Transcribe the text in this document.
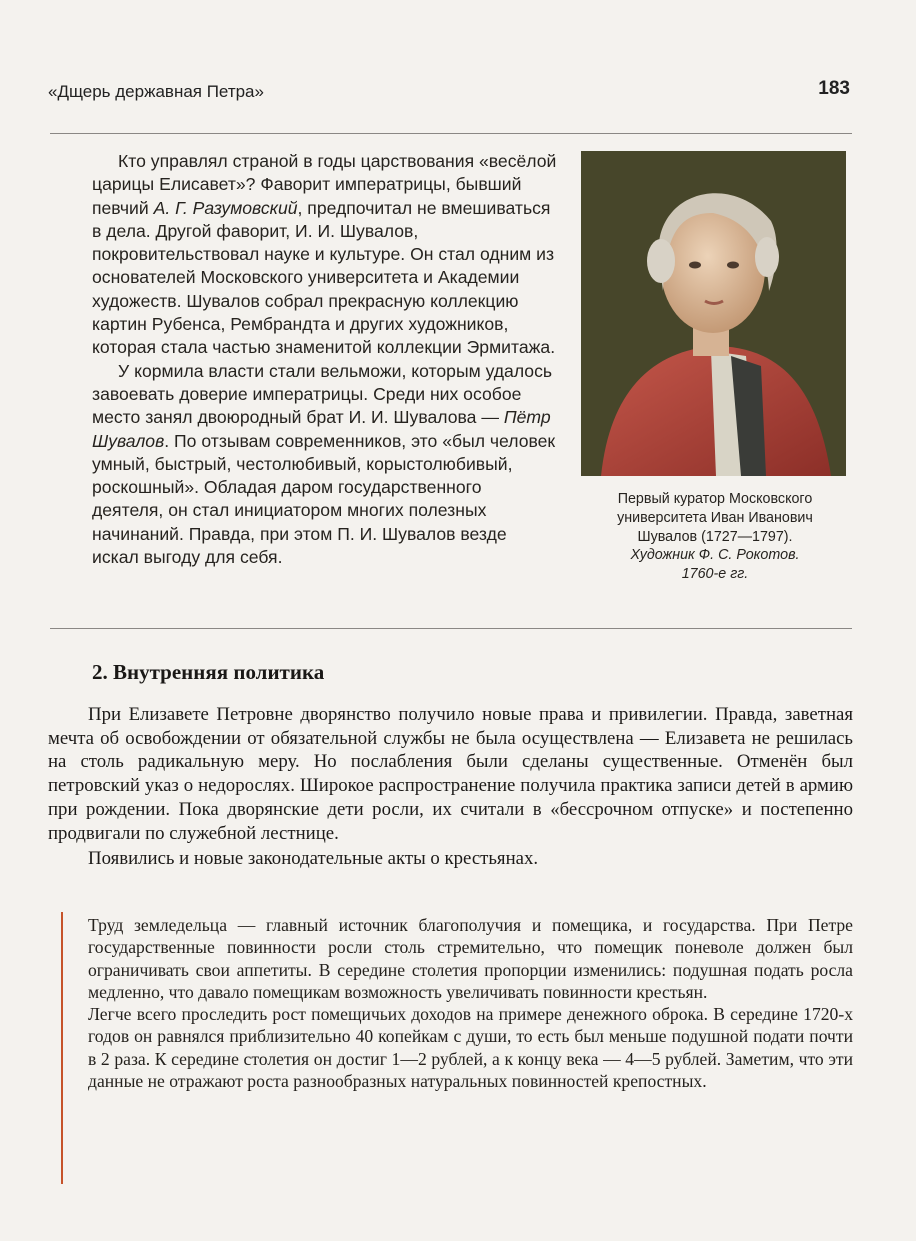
«Дщерь державная Петра»	183

Кто управлял страной в годы царствования «весёлой царицы Елисавет»? Фаворит императрицы, бывший певчий А. Г. Разумовский, предпочитал не вмешиваться в дела. Другой фаворит, И. И. Шувалов, покровительствовал науке и культуре. Он стал одним из основателей Московского университета и Академии художеств. Шувалов собрал прекрасную коллекцию картин Рубенса, Рембрандта и других художников, которая стала частью знаменитой коллекции Эрмитажа.

У кормила власти стали вельможи, которым удалось завоевать доверие императрицы. Среди них особое место занял двоюродный брат И. И. Шувалова — Пётр Шувалов. По отзывам современников, это «был человек умный, быстрый, честолюбивый, корыстолюбивый, роскошный». Обладая даром государственного деятеля, он стал инициатором многих полезных начинаний. Правда, при этом П. И. Шувалов везде искал выгоду для себя.

Первый куратор Московского
университета Иван Иванович
Шувалов (1727—1797).
Художник Ф. С. Рокотов.
1760-е гг.
2. Внутренняя политика

При Елизавете Петровне дворянство получило новые права и привилегии. Правда, заветная мечта об освобождении от обязательной службы не была осуществлена — Елизавета не решилась на столь радикальную меру. Но послабления были сделаны существенные. Отменён был петровский указ о недорослях. Широкое распространение получила практика записи детей в армию при рождении. Пока дворянские дети росли, их считали в «бессрочном отпуске» и постепенно продвигали по служебной лестнице.

Появились и новые законодательные акты о крестьянах.

Труд земледельца — главный источник благополучия и помещика, и государства. При Петре государственные повинности росли столь стремительно, что помещик поневоле должен был ограничивать свои аппетиты. В середине столетия пропорции изменились: подушная подать росла медленно, что давало помещикам возможность увеличивать повинности крестьян.

Легче всего проследить рост помещичьих доходов на примере денежного оброка. В середине 1720-х годов он равнялся приблизительно 40 копейкам с души, то есть был меньше подушной подати почти в 2 раза. К середине столетия он достиг 1—2 рублей, а к концу века — 4—5 рублей. Заметим, что эти данные не отражают роста разнообразных натуральных повинностей крепостных.
